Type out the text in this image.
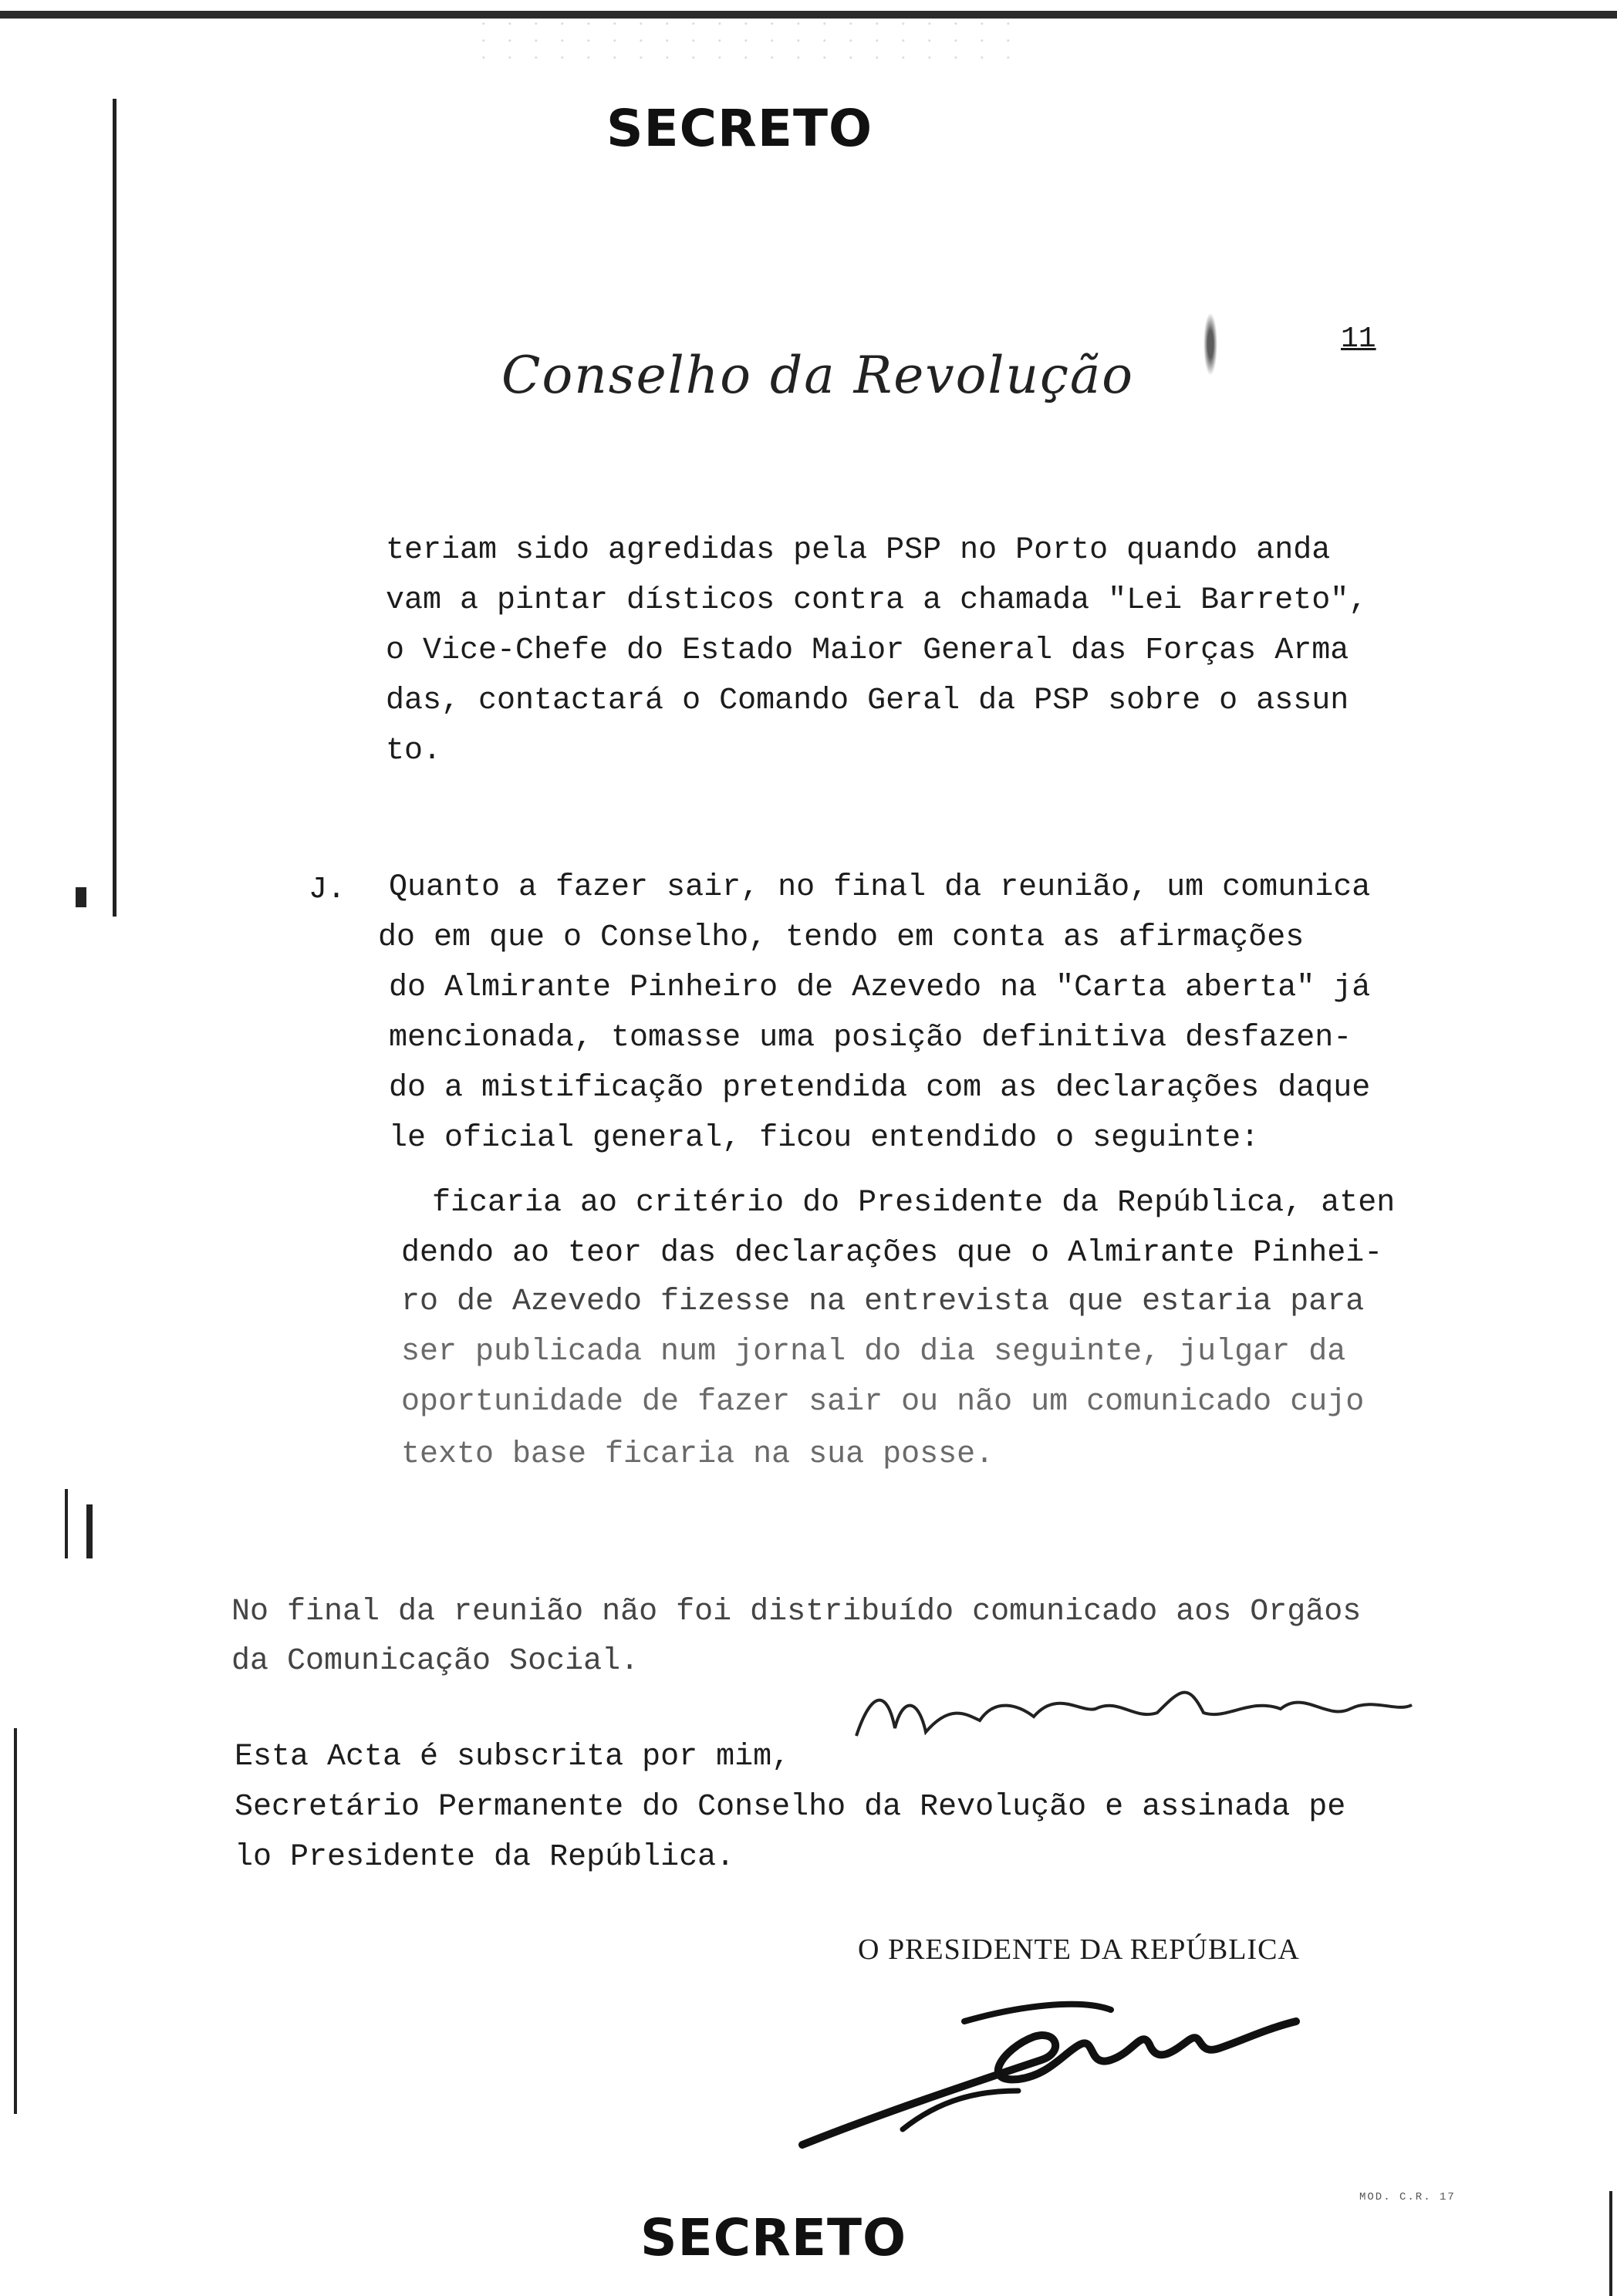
SECRETO
Conselho da Revolução
11
teriam sido agredidas pela PSP no Porto quando anda
vam a pintar dísticos contra a chamada "Lei Barreto",
o Vice-Chefe do Estado Maior General das Forças Arma
das, contactará o Comando Geral da PSP sobre o assun
to.
J. Quanto a fazer sair, no final da reunião, um comunica
do em que o Conselho, tendo em conta as afirmações
do Almirante Pinheiro de Azevedo na "Carta aberta" já
mencionada, tomasse uma posição definitiva desfazen-
do a mistificação pretendida com as declarações daque
le oficial general, ficou entendido o seguinte:
ficaria ao critério do Presidente da República, aten
dendo ao teor das declarações que o Almirante Pinhei-
ro de Azevedo fizesse na entrevista que estaria para
ser publicada num jornal do dia seguinte, julgar da
oportunidade de fazer sair ou não um comunicado cujo
texto base ficaria na sua posse.
No final da reunião não foi distribuído comunicado aos Orgãos
da Comunicação Social.
Esta Acta é subscrita por mim,
Secretário Permanente do Conselho da Revolução e assinada pe
lo Presidente da República.
O PRESIDENTE DA REPÚBLICA
MOD. C.R. 17
SECRETO
